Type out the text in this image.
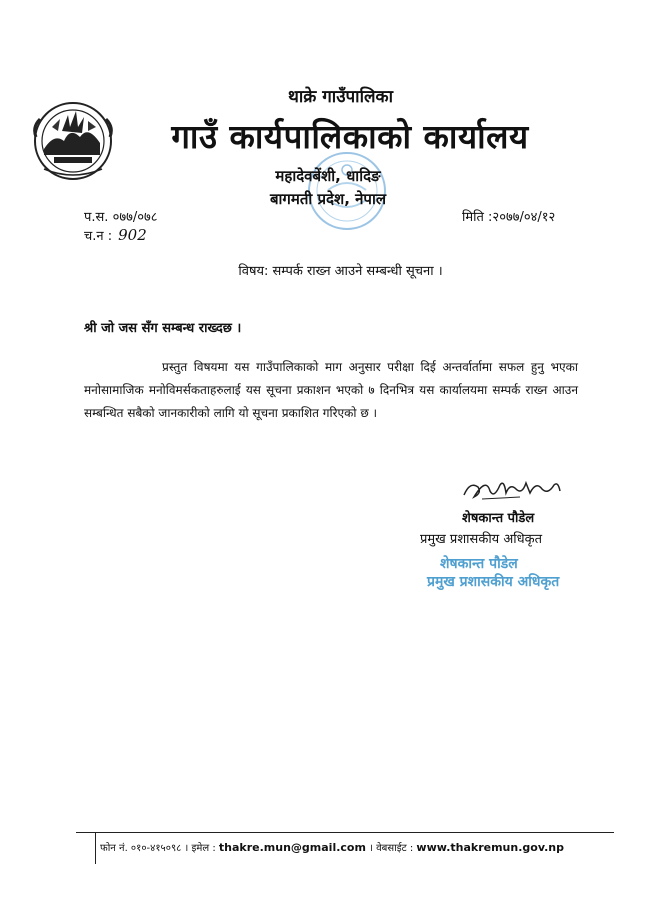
थाक्रे गाउँपालिका
गाउँ कार्यपालिकाको कार्यालय
महादेवबेंशी, धादिङ
बागमती प्रदेश, नेपाल
प.स. ०७७/०७८
च.न : 902
मिति :२०७७/०४/१२
विषय: सम्पर्क राख्न आउने सम्बन्धी सूचना ।
श्री जो जस सँग सम्बन्ध राख्दछ ।

प्रस्तुत विषयमा यस गाउँपालिकाको माग अनुसार परीक्षा दिई अन्तर्वार्तामा सफल हुनु भएका मनोसामाजिक मनोविमर्सकताहरुलाई यस सूचना प्रकाशन भएको ७ दिनभित्र यस कार्यालयमा सम्पर्क राख्न आउन सम्बन्धित सबैको जानकारीको लागि यो सूचना प्रकाशित गरिएको छ ।

शेषकान्त पौडेल
प्रमुख प्रशासकीय अधिकृत
शेषकान्त पौडेल
प्रमुख प्रशासकीय अधिकृत
फोन नं. ०१०-४१५०९८ । इमेल : thakre.mun@gmail.com । वेबसाईट : www.thakremun.gov.np
